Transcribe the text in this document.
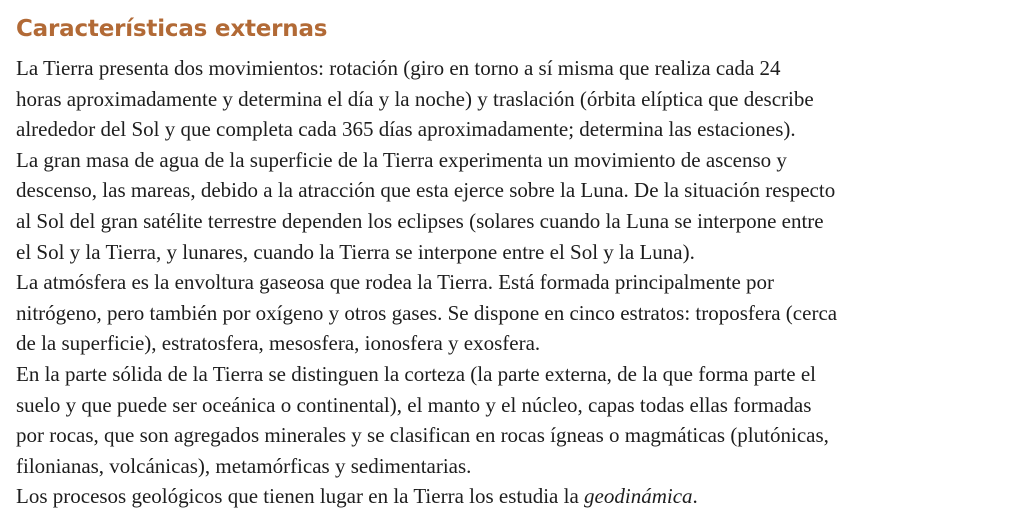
Características externas

La Tierra presenta dos movimientos: rotación (giro en torno a sí misma que realiza cada 24
horas aproximadamente y determina el día y la noche) y traslación (órbita elíptica que describe
alrededor del Sol y que completa cada 365 días aproximadamente; determina las estaciones).

La gran masa de agua de la superficie de la Tierra experimenta un movimiento de ascenso y
descenso, las mareas, debido a la atracción que esta ejerce sobre la Luna. De la situación respecto
al Sol del gran satélite terrestre dependen los eclipses (solares cuando la Luna se interpone entre
el Sol y la Tierra, y lunares, cuando la Tierra se interpone entre el Sol y la Luna).

La atmósfera es la envoltura gaseosa que rodea la Tierra. Está formada principalmente por
nitrógeno, pero también por oxígeno y otros gases. Se dispone en cinco estratos: troposfera (cerca
de la superficie), estratosfera, mesosfera, ionosfera y exosfera.

En la parte sólida de la Tierra se distinguen la corteza (la parte externa, de la que forma parte el
suelo y que puede ser oceánica o continental), el manto y el núcleo, capas todas ellas formadas
por rocas, que son agregados minerales y se clasifican en rocas ígneas o magmáticas (plutónicas,
filonianas, volcánicas), metamórficas y sedimentarias.

Los procesos geológicos que tienen lugar en la Tierra los estudia la geodinámica.
